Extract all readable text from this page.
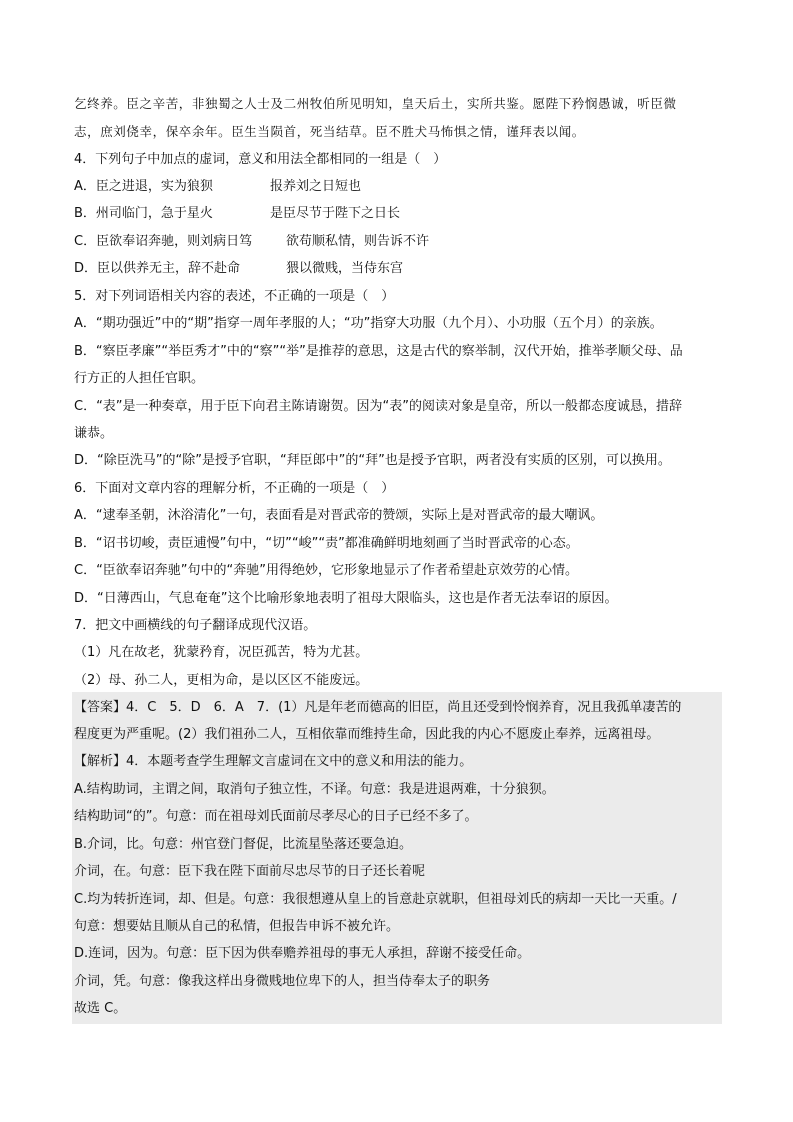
乞终养。臣之辛苦，非独蜀之人士及二州牧伯所见明知，皇天后土，实所共鉴。愿陛下矜悯愚诚，听臣微
志，庶刘侥幸，保卒余年。臣生当陨首，死当结草。臣不胜犬马怖惧之情，谨拜表以闻。
4．下列句子中加点的虚词，意义和用法全都相同的一组是（　）
A．臣之进退，实为狼狈	报养刘之日短也
B．州司临门，急于星火	是臣尽节于陛下之日长
C．臣欲奉诏奔驰，则刘病日笃	欲苟顺私情，则告诉不许
D．臣以供养无主，辞不赴命	猥以微贱，当侍东宫
5．对下列词语相关内容的表述，不正确的一项是（　）
A．“期功强近”中的“期”指穿一周年孝服的人；“功”指穿大功服（九个月）、小功服（五个月）的亲族。
B．“察臣孝廉”“举臣秀才”中的“察”“举”是推荐的意思，这是古代的察举制，汉代开始，推举孝顺父母、品
行方正的人担任官职。
C．“表”是一种奏章，用于臣下向君主陈请谢贺。因为“表”的阅读对象是皇帝，所以一般都态度诚恳，措辞
谦恭。
D．“除臣洗马”的“除”是授予官职，“拜臣郎中”的“拜”也是授予官职，两者没有实质的区别，可以换用。
6．下面对文章内容的理解分析，不正确的一项是（　）
A．“逮奉圣朝，沐浴清化”一句，表面看是对晋武帝的赞颂，实际上是对晋武帝的最大嘲讽。
B．“诏书切峻，责臣逋慢”句中，“切”“峻”“责”都准确鲜明地刻画了当时晋武帝的心态。
C．“臣欲奉诏奔驰”句中的“奔驰”用得绝妙，它形象地显示了作者希望赴京效劳的心情。
D．“日薄西山，气息奄奄”这个比喻形象地表明了祖母大限临头，这也是作者无法奉诏的原因。
7．把文中画横线的句子翻译成现代汉语。
（1）凡在故老，犹蒙矜育，况臣孤苦，特为尤甚。
（2）母、孙二人，更相为命，是以区区不能废远。
【答案】4．C　5．D　6．A　7．(1）凡是年老而德高的旧臣，尚且还受到怜悯养育，况且我孤单凄苦的
程度更为严重呢。(2）我们祖孙二人，互相依靠而维持生命，因此我的内心不愿废止奉养，远离祖母。
【解析】4．本题考查学生理解文言虚词在文中的意义和用法的能力。
A.结构助词，主谓之间，取消句子独立性，不译。句意：我是进退两难，十分狼狈。
结构助词“的”。句意：而在祖母刘氏面前尽孝尽心的日子已经不多了。
B.介词，比。句意：州官登门督促，比流星坠落还要急迫。
介词，在。句意：臣下我在陛下面前尽忠尽节的日子还长着呢
C.均为转折连词，却、但是。句意：我很想遵从皇上的旨意赴京就职，但祖母刘氏的病却一天比一天重。/
句意：想要姑且顺从自己的私情，但报告申诉不被允许。
D.连词，因为。句意：臣下因为供奉赡养祖母的事无人承担，辞谢不接受任命。
介词，凭。句意：像我这样出身微贱地位卑下的人，担当侍奉太子的职务
故选 C。
